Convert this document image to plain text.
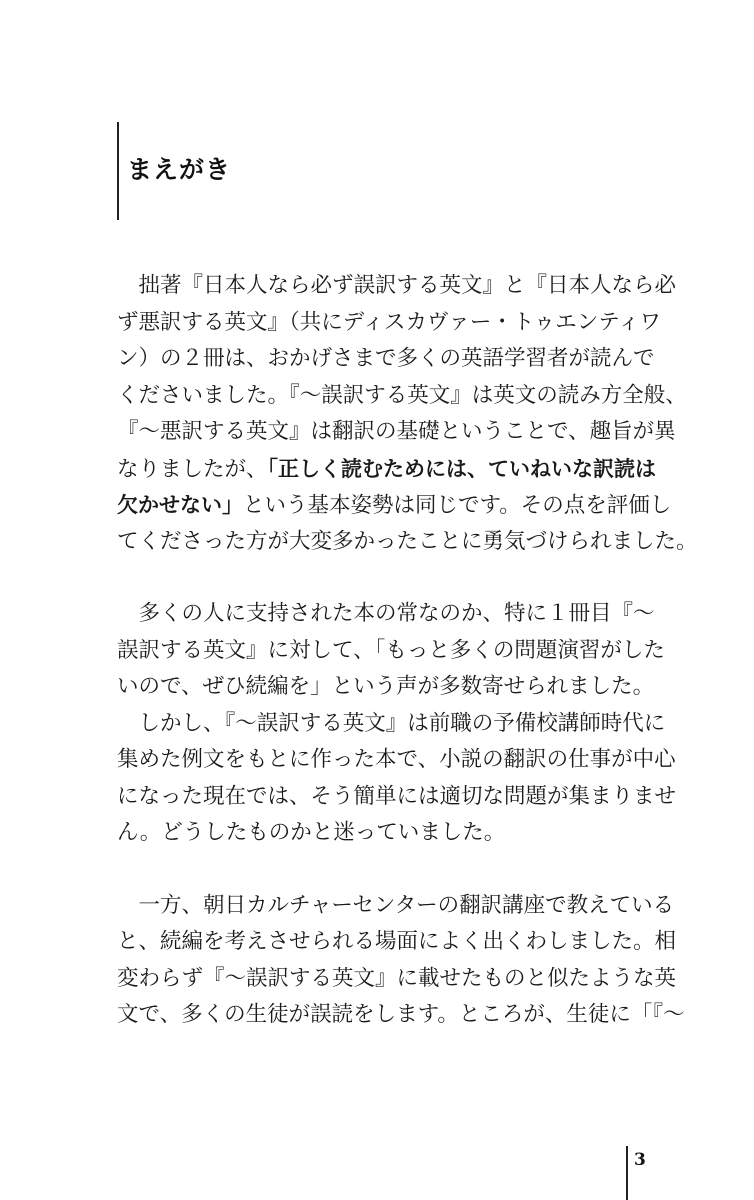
まえがき
　拙著『日本人なら必ず誤訳する英文』と『日本人なら必
ず悪訳する英文』（共にディスカヴァー・トゥエンティワ
ン）の２冊は、おかげさまで多くの英語学習者が読んで
くださいました。『〜誤訳する英文』は英文の読み方全般、
『〜悪訳する英文』は翻訳の基礎ということで、趣旨が異
なりましたが、「正しく読むためには、ていねいな訳読は
欠かせない」という基本姿勢は同じです。その点を評価し
てくださった方が大変多かったことに勇気づけられました。
　多くの人に支持された本の常なのか、特に１冊目『〜
誤訳する英文』に対して、「もっと多くの問題演習がした
いので、ぜひ続編を」という声が多数寄せられました。
　しかし、『〜誤訳する英文』は前職の予備校講師時代に
集めた例文をもとに作った本で、小説の翻訳の仕事が中心
になった現在では、そう簡単には適切な問題が集まりませ
ん。どうしたものかと迷っていました。
　一方、朝日カルチャーセンターの翻訳講座で教えている
と、続編を考えさせられる場面によく出くわしました。相
変わらず『〜誤訳する英文』に載せたものと似たような英
文で、多くの生徒が誤読をします。ところが、生徒に「『〜
3
